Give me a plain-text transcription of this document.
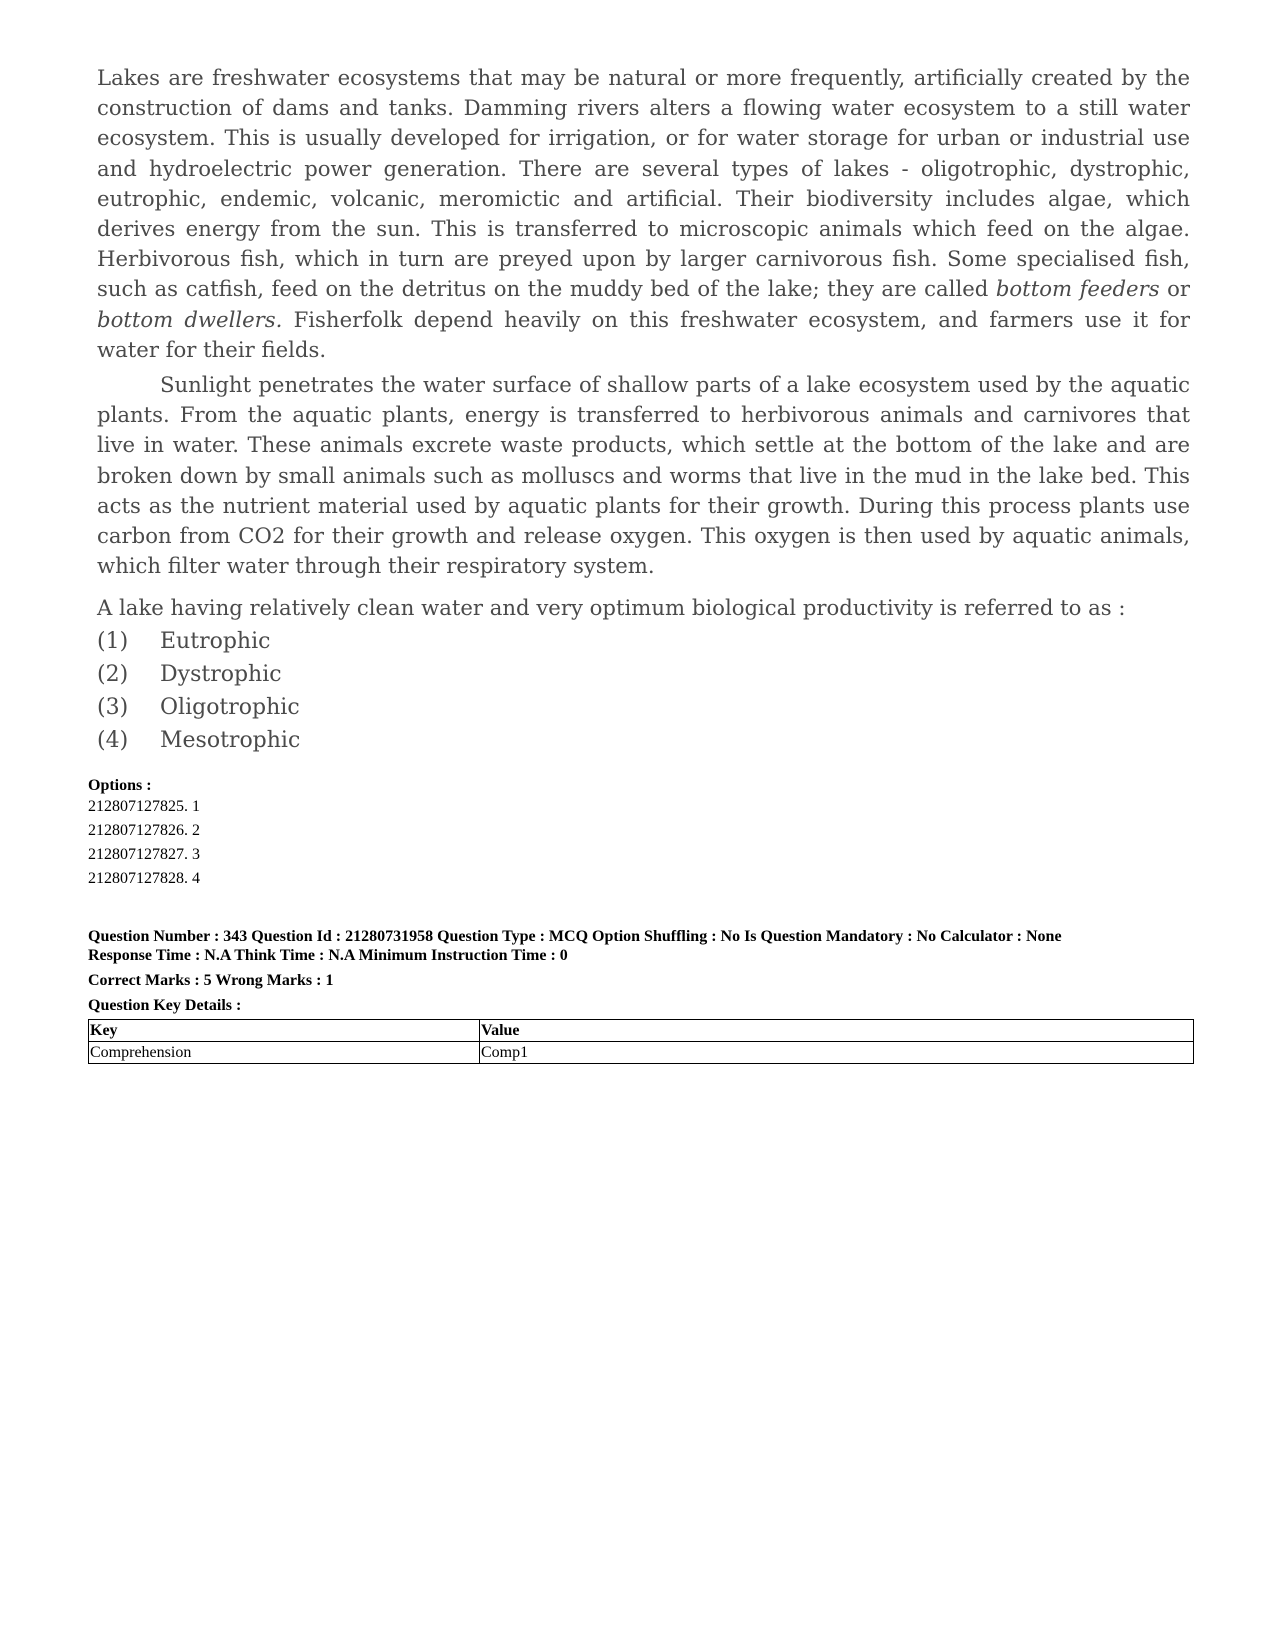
Lakes are freshwater ecosystems that may be natural or more frequently, artificially created by the construction of dams and tanks. Damming rivers alters a flowing water ecosystem to a still water ecosystem. This is usually developed for irrigation, or for water storage for urban or industrial use and hydroelectric power generation. There are several types of lakes - oligotrophic, dystrophic, eutrophic, endemic, volcanic, meromictic and artificial. Their biodiversity includes algae, which derives energy from the sun. This is transferred to microscopic animals which feed on the algae. Herbivorous fish, which in turn are preyed upon by larger carnivorous fish. Some specialised fish, such as catfish, feed on the detritus on the muddy bed of the lake; they are called bottom feeders or bottom dwellers. Fisherfolk depend heavily on this freshwater ecosystem, and farmers use it for water for their fields.

Sunlight penetrates the water surface of shallow parts of a lake ecosystem used by the aquatic plants. From the aquatic plants, energy is transferred to herbivorous animals and carnivores that live in water. These animals excrete waste products, which settle at the bottom of the lake and are broken down by small animals such as molluscs and worms that live in the mud in the lake bed. This acts as the nutrient material used by aquatic plants for their growth. During this process plants use carbon from CO2 for their growth and release oxygen. This oxygen is then used by aquatic animals, which filter water through their respiratory system.

A lake having relatively clean water and very optimum biological productivity is referred to as :
(1)	Eutrophic
(2)	Dystrophic
(3)	Oligotrophic
(4)	Mesotrophic

Options :

212807127825. 1

212807127826. 2

212807127827. 3

212807127828. 4

Question Number : 343 Question Id : 21280731958 Question Type : MCQ Option Shuffling : No Is Question Mandatory : No Calculator : None

Response Time : N.A Think Time : N.A Minimum Instruction Time : 0

Correct Marks : 5 Wrong Marks : 1

Question Key Details :

Key	Value
Comprehension	Comp1
